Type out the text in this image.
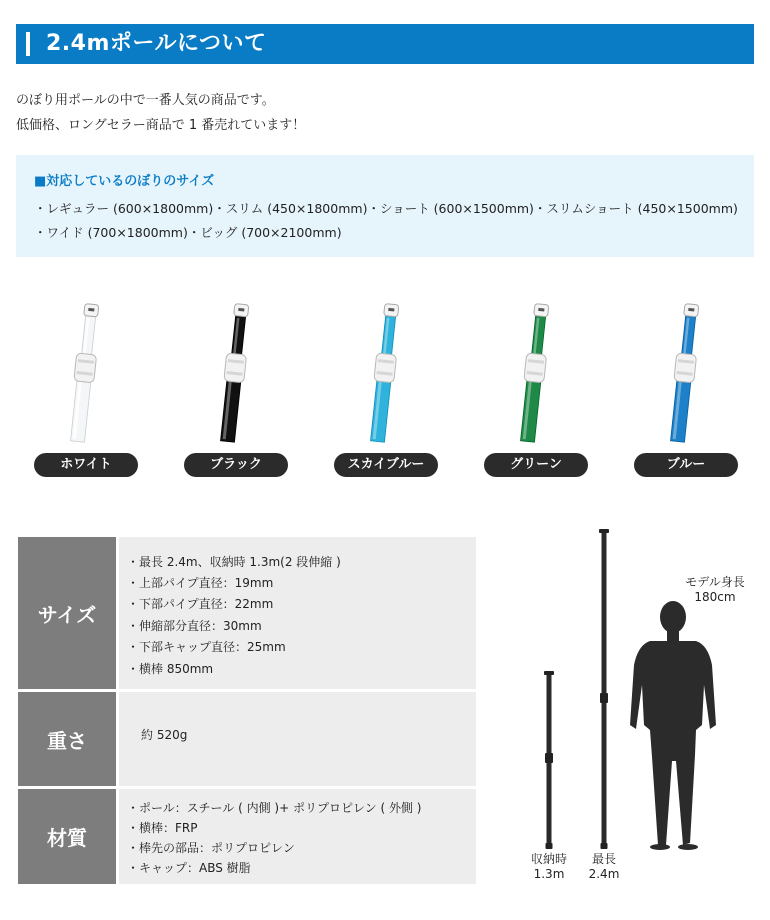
2.4mポールについて
のぼり用ポールの中で一番人気の商品です。
低価格、ロングセラー商品で 1 番売れています！
■対応しているのぼりのサイズ
・レギュラー (600×1800mm)・スリム (450×1800mm)・ショート (600×1500mm)・スリムショート (450×1500mm)
・ワイド (700×1800mm)・ビッグ (700×2100mm)
ホワイト	ブラック	スカイブルー	グリーン	ブルー
サイズ
・最長 2.4m、収納時 1.3m(2 段伸縮 )
・上部パイプ直径：19mm
・下部パイプ直径：22mm
・伸縮部分直径：30mm
・下部キャップ直径：25mm
・横棒 850mm
重さ	約 520g
材質
・ポール：スチール ( 内側 )+ ポリプロピレン ( 外側 )
・横棒：FRP
・棒先の部品：ポリプロピレン
・キャップ：ABS 樹脂
モデル身長
180cm
収納時
1.3m
最長
2.4m
